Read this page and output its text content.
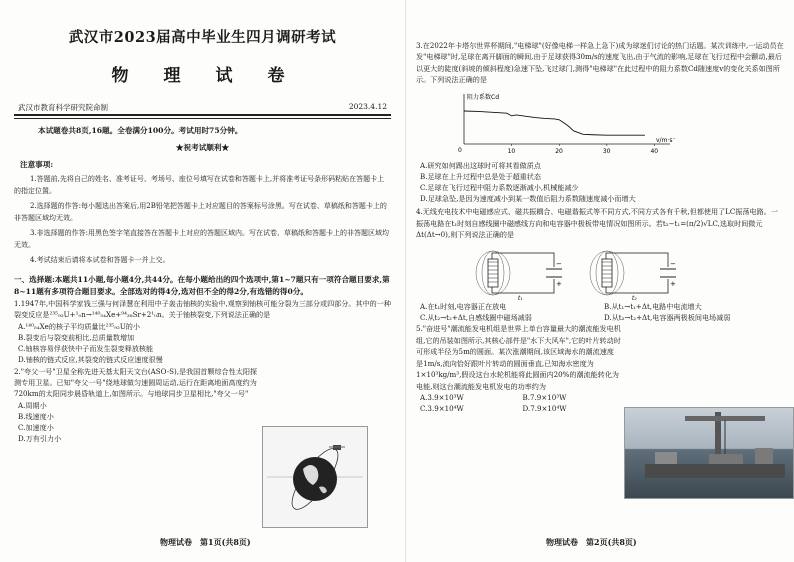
武汉市2023届高中毕业生四月调研考试
物　理　试　卷
武汉市教育科学研究院命制	2023.4.12
本试题卷共8页,16题。全卷满分100分。考试用时75分钟。
★祝考试顺利★
注意事项:

1.答题前,先将自己的姓名、准考证号、考场号、座位号填写在试卷和答题卡上,并将准考证号条形码粘贴在答题卡上的指定位置。

2.选择题的作答:每小题选出答案后,用2B铅笔把答题卡上对应题目的答案标号涂黑。写在试卷、草稿纸和答题卡上的非答题区域均无效。

3.非选择题的作答:用黑色签字笔直接答在答题卡上对应的答题区域内。写在试卷、草稿纸和答题卡上的非答题区域均无效。

4.考试结束后请将本试卷和答题卡一并上交。

一、选择题:本题共11小题,每小题4分,共44分。在每小题给出的四个选项中,第1~7题只有一项符合题目要求,第8~11题有多项符合题目要求。全部选对的得4分,选对但不全的得2分,有选错的得0分。
1.1947年,中国科学家钱三强与何泽慧在利用中子轰击铀核的实验中,观察到铀核可能分裂为三部分或四部分。其中的一种裂变反应是²³⁵₉₂U+¹₀n→¹⁴⁰₅₄Xe+⁹⁴₃₈Sr+2¹₀n。关于铀核裂变,下列说法正确的是
A.¹⁴⁰₅₄Xe的核子平均质量比²³⁵₉₂U的小
B.裂变后与裂变前相比,总质量数增加
C.铀核容易俘获快中子而发生裂变释放核能
D.铀核的链式反应,其裂变的链式反应速度很慢
2."夸父一号"卫星全称先进天基太阳天文台(ASO-S),是我国首颗综合性太阳探测专用卫星。已知"夸父一号"绕地球做匀速圆周运动,运行在距离地面高度约为720km的太阳同步晨昏轨道上,如图所示。与地球同步卫星相比,"夸父一号"
A.周期小
B.线速度小
C.加速度小
D.万有引力小
物理试卷　第1页(共8页)
3.在2022年卡塔尔世界杯期间,"电梯球"(好像电梯一样急上急下)成为球迷们讨论的热门话题。某次训练中,一运动员在发"电梯球"时,足球在离开脚面的瞬间,由于足球获得30m/s的速度飞出,由于气流的影响,足球在飞行过程中会颤动,最后以更大的陡度(斜坡的倾斜程度)急速下坠,飞过球门,测得"电梯球"在此过程中的阻力系数Cd随速度v的变化关系如图所示。下列说法正确的是
阻力系数Cd
v/m·s⁻¹
10	20	30	40
0
A.研究如何踢出这球时可将其看做质点
B.足球在上升过程中总是处于超重状态
C.足球在飞行过程中阻力系数逐渐减小,机械能减少
D.足球急坠,是因为速度减小到某一数值后阻力系数随速度减小而增大
4.无线充电技术中电磁感应式、磁共振耦合、电磁谐振式等不同方式,不同方式各有千秋,但都使用了LC振荡电路。一振荡电路在t₁时刻自感线圈中磁感线方向和电容器中极板带电情况如图所示。若t₂−t₁=(π/2)√LC,选取时间微元Δt(Δt→0),则下列说法正确的是
−
+
t₁
−
+
t₂
A.在t₁时刻,电容器正在放电	B.从t₁→t₁+Δt,电路中电流增大
C.从t₂→t₂+Δt,自感线圈中磁场减弱	D.从t₂→t₂+Δt,电容器两极板间电场减弱
5."奋进号"潮流能发电机组是世界上单台容量最大的潮流能发电机组,它的吊装如图所示,其核心部件是"水下大风车",它的叶片转动时可形成半径为5m的圆面。某次涨潮期间,该区域海水的潮流速度是1m/s,流向恰好跟叶片转动的圆面垂直,已知海水密度为1×10³kg/m³,假设这台水轮机能将此圆面内20%的潮流能转化为电能,则这台潮流能发电机发电的功率约为
A.3.9×10³W	B.7.9×10³W
C.3.9×10⁴W	D.7.9×10⁴W
物理试卷　第2页(共8页)
